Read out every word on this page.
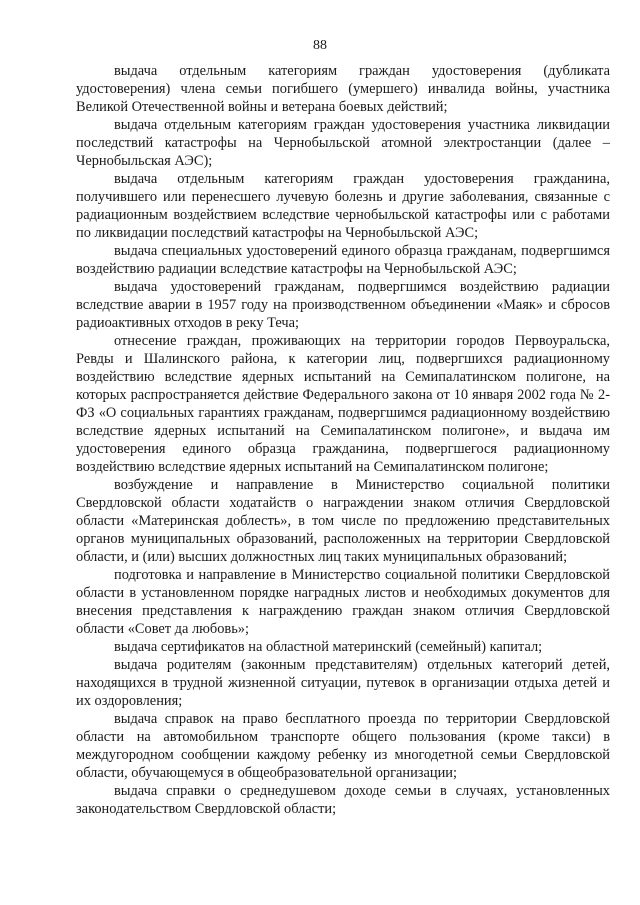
88

выдача отдельным категориям граждан удостоверения (дубликата удостоверения) члена семьи погибшего (умершего) инвалида войны, участника Великой Отечественной войны и ветерана боевых действий;

выдача отдельным категориям граждан удостоверения участника ликвидации последствий катастрофы на Чернобыльской атомной электростанции (далее – Чернобыльская АЭС);

выдача отдельным категориям граждан удостоверения гражданина, получившего или перенесшего лучевую болезнь и другие заболевания, связанные с радиационным воздействием вследствие чернобыльской катастрофы или с работами по ликвидации последствий катастрофы на Чернобыльской АЭС;

выдача специальных удостоверений единого образца гражданам, подвергшимся воздействию радиации вследствие катастрофы на Чернобыльской АЭС;

выдача удостоверений гражданам, подвергшимся воздействию радиации вследствие аварии в 1957 году на производственном объединении «Маяк» и сбросов радиоактивных отходов в реку Теча;

отнесение граждан, проживающих на территории городов Первоуральска, Ревды и Шалинского района, к категории лиц, подвергшихся радиационному воздействию вследствие ядерных испытаний на Семипалатинском полигоне, на которых распространяется действие Федерального закона от 10 января 2002 года № 2-ФЗ «О социальных гарантиях гражданам, подвергшимся радиационному воздействию вследствие ядерных испытаний на Семипалатинском полигоне», и выдача им удостоверения единого образца гражданина, подвергшегося радиационному воздействию вследствие ядерных испытаний на Семипалатинском полигоне;

возбуждение и направление в Министерство социальной политики Свердловской области ходатайств о награждении знаком отличия Свердловской области «Материнская доблесть», в том числе по предложению представительных органов муниципальных образований, расположенных на территории Свердловской области, и (или) высших должностных лиц таких муниципальных образований;

подготовка и направление в Министерство социальной политики Свердловской области в установленном порядке наградных листов и необходимых документов для внесения представления к награждению граждан знаком отличия Свердловской области «Совет да любовь»;

выдача сертификатов на областной материнский (семейный) капитал;

выдача родителям (законным представителям) отдельных категорий детей, находящихся в трудной жизненной ситуации, путевок в организации отдыха детей и их оздоровления;

выдача справок на право бесплатного проезда по территории Свердловской области на автомобильном транспорте общего пользования (кроме такси) в междугородном сообщении каждому ребенку из многодетной семьи Свердловской области, обучающемуся в общеобразовательной организации;

выдача справки о среднедушевом доходе семьи в случаях, установленных законодательством Свердловской области;
